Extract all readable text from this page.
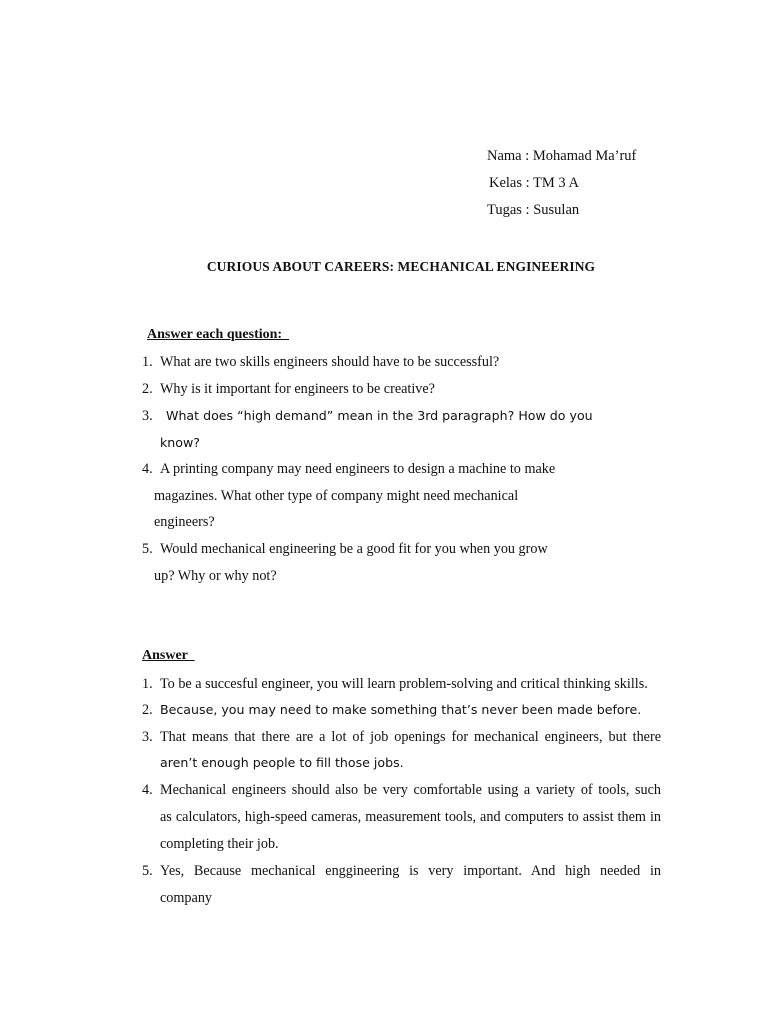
Nama : Mohamad Ma’ruf
Kelas : TM 3 A
Tugas : Susulan
CURIOUS ABOUT CAREERS: MECHANICAL ENGINEERING
Answer each question:
1. What are two skills engineers should have to be successful?
2. Why is it important for engineers to be creative?
3. What does “high demand” mean in the 3rd paragraph? How do you
know?
4. A printing company may need engineers to design a machine to make
magazines. What other type of company might need mechanical
engineers?
5. Would mechanical engineering be a good fit for you when you grow
up? Why or why not?
Answer
1. To be a succesful engineer, you will learn problem-solving and critical thinking skills.
2. Because, you may need to make something that’s never been made before.
3. That means that there are a lot of job openings for mechanical engineers, but there
aren’t enough people to fill those jobs.
4. Mechanical engineers should also be very comfortable using a variety of tools, such
as calculators, high-speed cameras, measurement tools, and computers to assist them in
completing their job.
5. Yes, Because mechanical enggineering is very important. And high needed in
company
